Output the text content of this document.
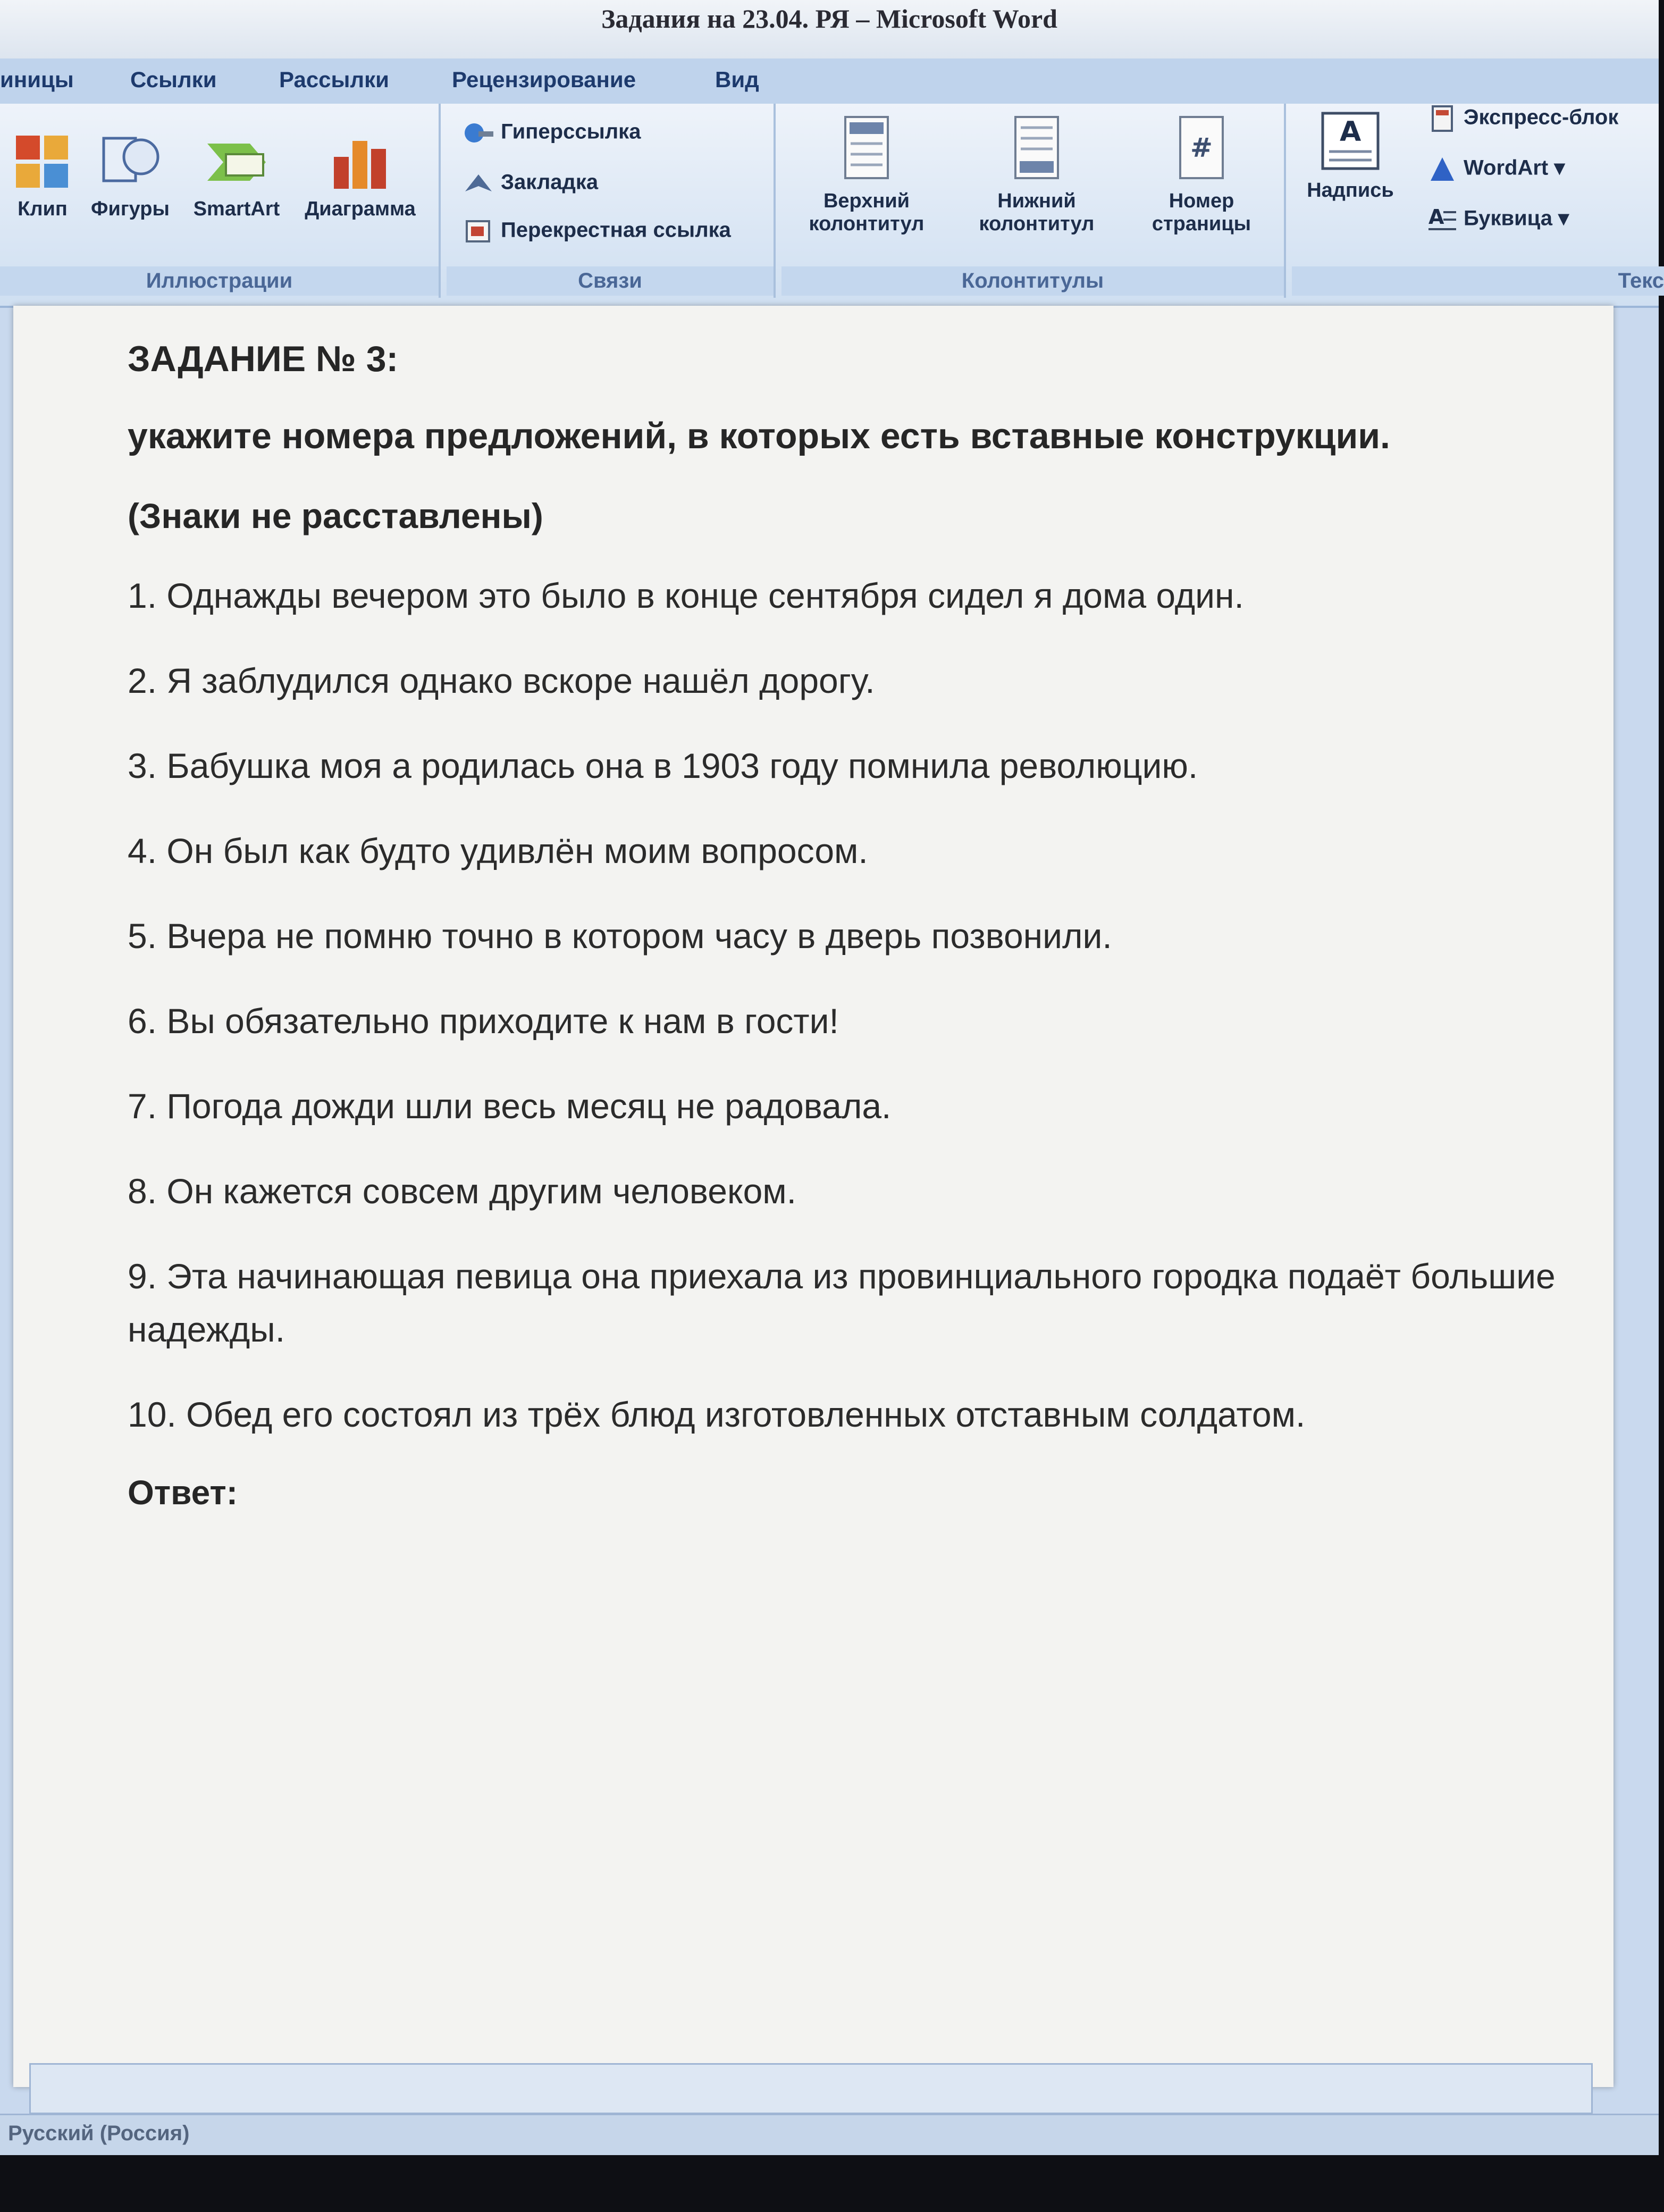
Задания на 23.04. РЯ – Microsoft Word
иницы	Ссылки	Рассылки	Рецензирование	Вид
Клип	Фигуры	SmartArt	Диаграмма
Иллюстрации
Гиперссылка
Закладка
Перекрестная ссылка
Связи
Верхний колонтитул
Нижний колонтитул
#
Номер страницы
Колонтитулы
A
Надпись
Экспресс-блок
WordArt ▾
A Буквица ▾
Текс
ЗАДАНИЕ № 3:
укажите номера предложений, в которых есть вставные конструкции.
(Знаки не расставлены)
1. Однажды вечером это было в конце сентября сидел я дома один.
2. Я заблудился однако вскоре нашёл дорогу.
3. Бабушка моя а родилась она в 1903 году помнила революцию.
4. Он был как будто удивлён моим вопросом.
5. Вчера не помню точно в котором часу в дверь позвонили.
6. Вы обязательно приходите к нам в гости!
7. Погода дожди шли весь месяц не радовала.
8. Он кажется совсем другим человеком.
9. Эта начинающая певица она приехала из провинциального городка подаёт большие надежды.
10. Обед его состоял из трёх блюд изготовленных отставным солдатом.
Ответ:
Русский (Россия)
